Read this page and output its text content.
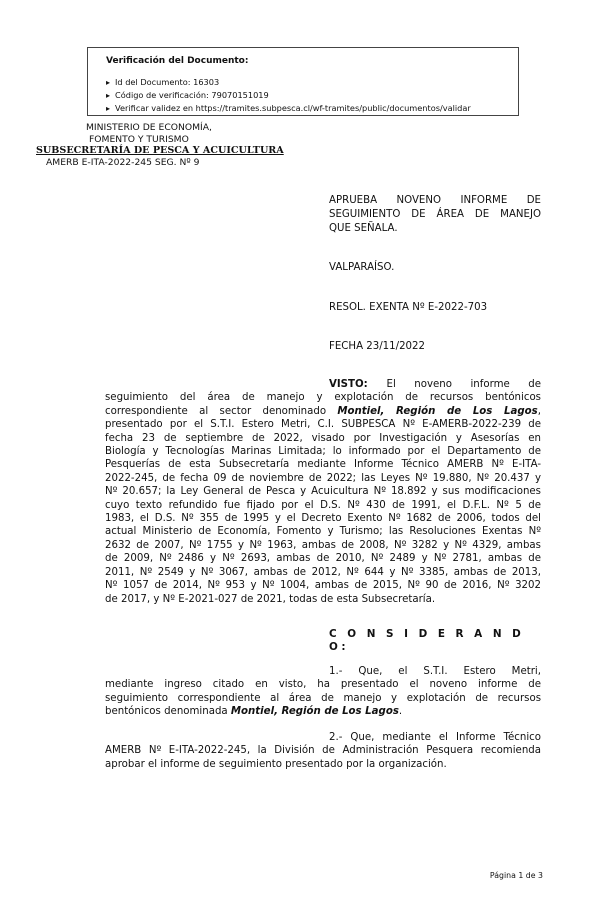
Verificación del Documento:

▸ Id del Documento: 16303
▸ Código de verificación: 79070151019
▸ Verificar validez en https://tramites.subpesca.cl/wf-tramites/public/documentos/validar
MINISTERIO DE ECONOMÍA,
FOMENTO Y TURISMO
SUBSECRETARÍA DE PESCA Y ACUICULTURA
AMERB E-ITA-2022-245 SEG. Nº 9
APRUEBA NOVENO INFORME DE
SEGUIMIENTO DE ÁREA DE MANEJO
QUE SEÑALA.
VALPARAÍSO.
RESOL. EXENTA Nº E-2022-703
FECHA 23/11/2022
VISTO: El noveno informe de
seguimiento del área de manejo y explotación de recursos bentónicos
correspondiente al sector denominado Montiel, Región de Los Lagos,
presentado por el S.T.I. Estero Metri, C.I. SUBPESCA Nº E-AMERB-2022-239 de
fecha 23 de septiembre de 2022, visado por Investigación y Asesorías en
Biología y Tecnologías Marinas Limitada; lo informado por el Departamento de
Pesquerías de esta Subsecretaría mediante Informe Técnico AMERB Nº E-ITA-
2022-245, de fecha 09 de noviembre de 2022; las Leyes Nº 19.880, Nº 20.437 y
Nº 20.657; la Ley General de Pesca y Acuicultura Nº 18.892 y sus modificaciones
cuyo texto refundido fue fijado por el D.S. Nº 430 de 1991, el D.F.L. Nº 5 de
1983, el D.S. Nº 355 de 1995 y el Decreto Exento Nº 1682 de 2006, todos del
actual Ministerio de Economía, Fomento y Turismo; las Resoluciones Exentas Nº
2632 de 2007, Nº 1755 y Nº 1963, ambas de 2008, Nº 3282 y Nº 4329, ambas
de 2009, Nº 2486 y Nº 2693, ambas de 2010, Nº 2489 y Nº 2781, ambas de
2011, Nº 2549 y Nº 3067, ambas de 2012, Nº 644 y Nº 3385, ambas de 2013,
Nº 1057 de 2014, Nº 953 y Nº 1004, ambas de 2015, Nº 90 de 2016, Nº 3202
de 2017, y Nº E-2021-027 de 2021, todas de esta Subsecretaría.
C O N S I D E R A N D O:
1.- Que, el S.T.I. Estero Metri,
mediante ingreso citado en visto, ha presentado el noveno informe de
seguimiento correspondiente al área de manejo y explotación de recursos
bentónicos denominada Montiel, Región de Los Lagos.
2.- Que, mediante el Informe Técnico
AMERB Nº E-ITA-2022-245, la División de Administración Pesquera recomienda
aprobar el informe de seguimiento presentado por la organización.
Página 1 de 3
